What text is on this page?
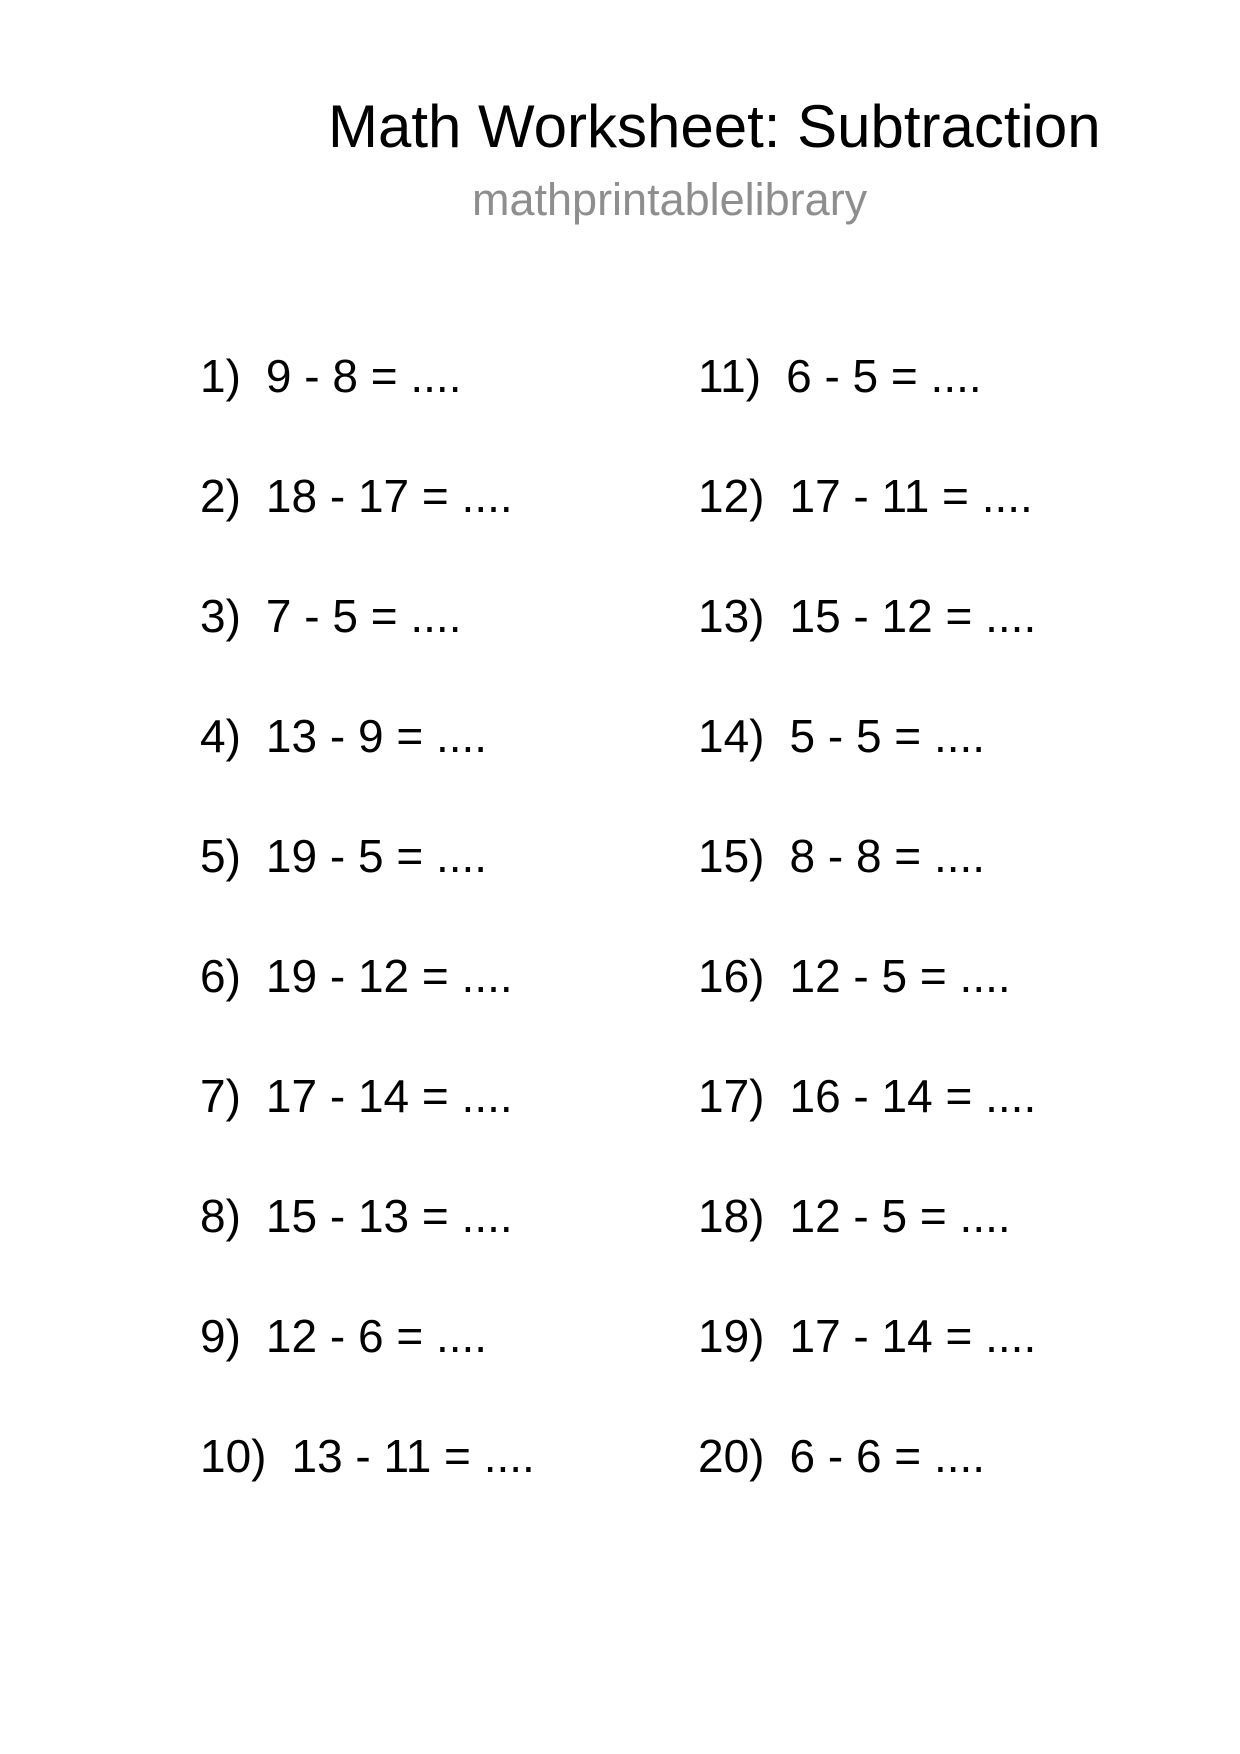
Math Worksheet: Subtraction
mathprintablelibrary
1) 9 - 8 = ....
2) 18 - 17 = ....
3) 7 - 5 = ....
4) 13 - 9 = ....
5) 19 - 5 = ....
6) 19 - 12 = ....
7) 17 - 14 = ....
8) 15 - 13 = ....
9) 12 - 6 = ....
10) 13 - 11 = ....
11) 6 - 5 = ....
12) 17 - 11 = ....
13) 15 - 12 = ....
14) 5 - 5 = ....
15) 8 - 8 = ....
16) 12 - 5 = ....
17) 16 - 14 = ....
18) 12 - 5 = ....
19) 17 - 14 = ....
20) 6 - 6 = ....
